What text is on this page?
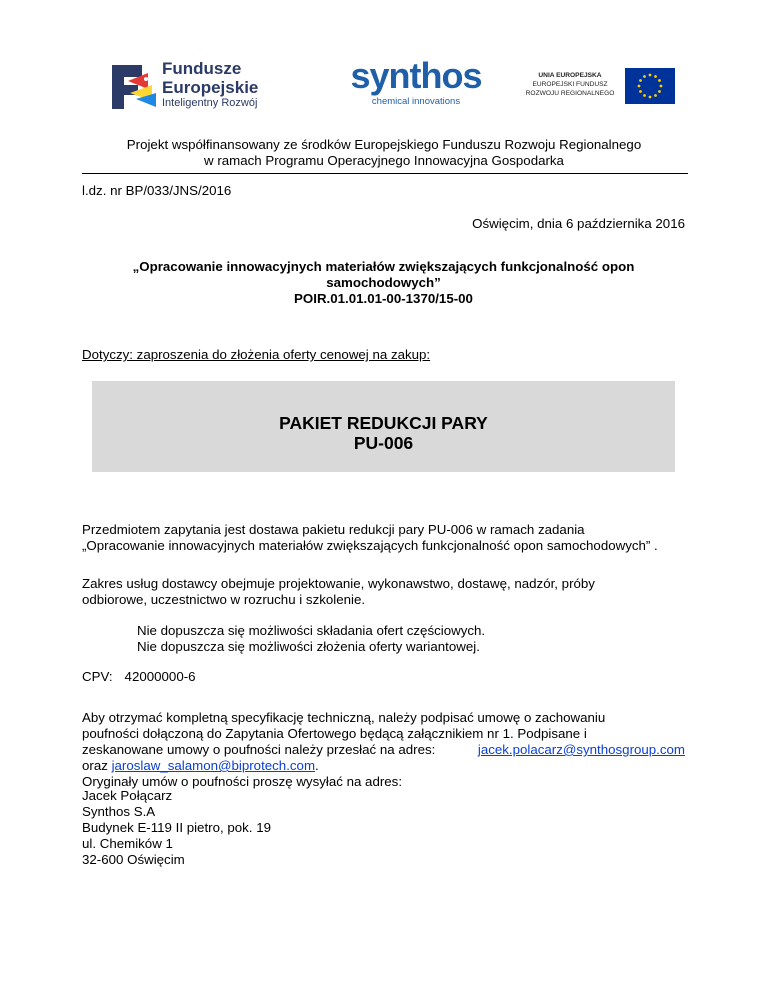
Fundusze
Europejskie
Inteligentny Rozwój
synthos
chemical innovations
UNIA EUROPEJSKA
EUROPEJSKI FUNDUSZ
ROZWOJU REGIONALNEGO
Projekt współfinansowany ze środków Europejskiego Funduszu Rozwoju Regionalnego
w ramach Programu Operacyjnego Innowacyjna Gospodarka
l.dz. nr BP/033/JNS/2016
Oświęcim, dnia 6 października 2016
„Opracowanie innowacyjnych materiałów zwiększających funkcjonalność opon
samochodowych”
POIR.01.01.01-00-1370/15-00
Dotyczy: zaproszenia do złożenia oferty cenowej na zakup:
PAKIET REDUKCJI PARY
PU-006
Przedmiotem zapytania jest dostawa pakietu redukcji pary PU-006 w ramach zadania
„Opracowanie innowacyjnych materiałów zwiększających funkcjonalność opon samochodowych” .
Zakres usług dostawcy obejmuje projektowanie, wykonawstwo, dostawę, nadzór, próby
odbiorowe, uczestnictwo w rozruchu i szkolenie.
Nie dopuszcza się możliwości składania ofert częściowych.
Nie dopuszcza się możliwości złożenia oferty wariantowej.
CPV: 42000000-6
Aby otrzymać kompletną specyfikację techniczną, należy podpisać umowę o zachowaniu
poufności dołączoną do Zapytania Ofertowego będącą załącznikiem nr 1. Podpisane i
zeskanowane umowy o poufności należy przesłać na adres:	jacek.polacarz@synthosgroup.com
oraz jaroslaw_salamon@biprotech.com.
Oryginały umów o poufności proszę wysyłać na adres:
Jacek Połącarz
Synthos S.A
Budynek E-119 II pietro, pok. 19
ul. Chemików 1
32-600 Oświęcim
